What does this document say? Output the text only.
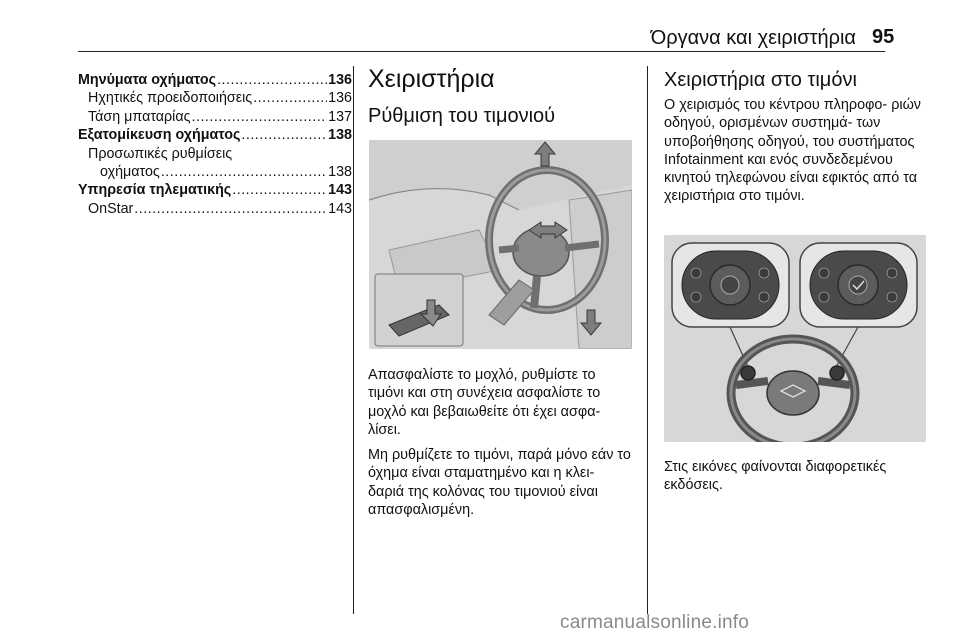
Όργανα και χειριστήρια 95
Μηνύματα οχήματος .....	136
Ηχητικές προειδοποιήσεις .....	136
Τάση μπαταρίας .....	137
Εξατομίκευση οχήματος .....	138
Προσωπικές ρυθμίσεις
οχήματος .....	138
Υπηρεσία τηλεματικής .....	143
OnStar .....	143
Χειριστήρια
Ρύθμιση του τιμονιού

Απασφαλίστε το μοχλό, ρυθμίστε το τιμόνι και στη συνέχεια ασφαλίστε το μοχλό και βεβαιωθείτε ότι έχει ασφα- λίσει.

Μη ρυθμίζετε το τιμόνι, παρά μόνο εάν το όχημα είναι σταματημένο και η κλει- δαριά της κολόνας του τιμονιού είναι απασφαλισμένη.

Χειριστήρια στο τιμόνι

Ο χειρισμός του κέντρου πληροφο- ριών οδηγού, ορισμένων συστημά- των υποβοήθησης οδηγού, του συστήματος Infotainment και ενός συνδεδεμένου κινητού τηλεφώνου είναι εφικτός από τα χειριστήρια στο τιμόνι.

Στις εικόνες φαίνονται διαφορετικές εκδόσεις.

carmanualsonline.info
